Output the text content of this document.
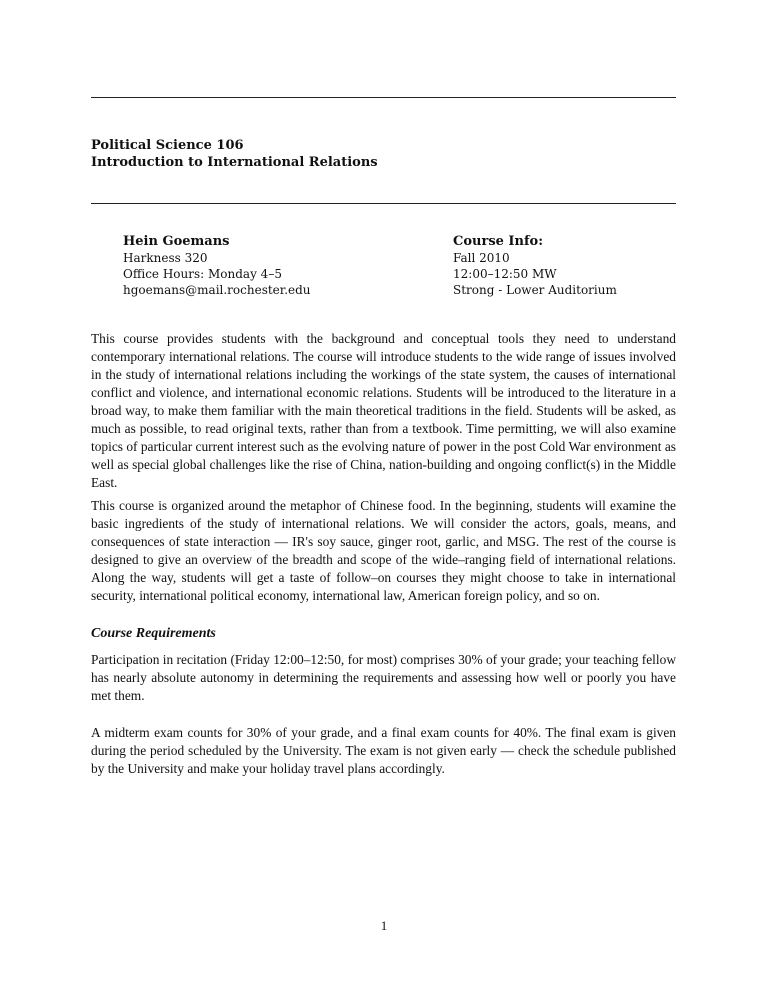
Political Science 106
Introduction to International Relations
Hein Goemans
Harkness 320
Office Hours: Monday 4–5
hgoemans@mail.rochester.edu
Course Info:
Fall 2010
12:00–12:50 MW
Strong - Lower Auditorium

This course provides students with the background and conceptual tools they need to understand contemporary international relations. The course will introduce students to the wide range of issues involved in the study of international relations including the workings of the state system, the causes of international conflict and violence, and international economic relations. Students will be introduced to the literature in a broad way, to make them familiar with the main theoretical traditions in the field. Students will be asked, as much as possible, to read original texts, rather than from a textbook. Time permitting, we will also examine topics of particular current interest such as the evolving nature of power in the post Cold War environment as well as special global challenges like the rise of China, nation-building and ongoing conflict(s) in the Middle East.

This course is organized around the metaphor of Chinese food. In the beginning, students will examine the basic ingredients of the study of international relations. We will consider the actors, goals, means, and consequences of state interaction — IR's soy sauce, ginger root, garlic, and MSG. The rest of the course is designed to give an overview of the breadth and scope of the wide–ranging field of international relations. Along the way, students will get a taste of follow–on courses they might choose to take in international security, international political economy, international law, American foreign policy, and so on.

Course Requirements

Participation in recitation (Friday 12:00–12:50, for most) comprises 30% of your grade; your teaching fellow has nearly absolute autonomy in determining the requirements and assessing how well or poorly you have met them.

A midterm exam counts for 30% of your grade, and a final exam counts for 40%. The final exam is given during the period scheduled by the University. The exam is not given early — check the schedule published by the University and make your holiday travel plans accordingly.

1
